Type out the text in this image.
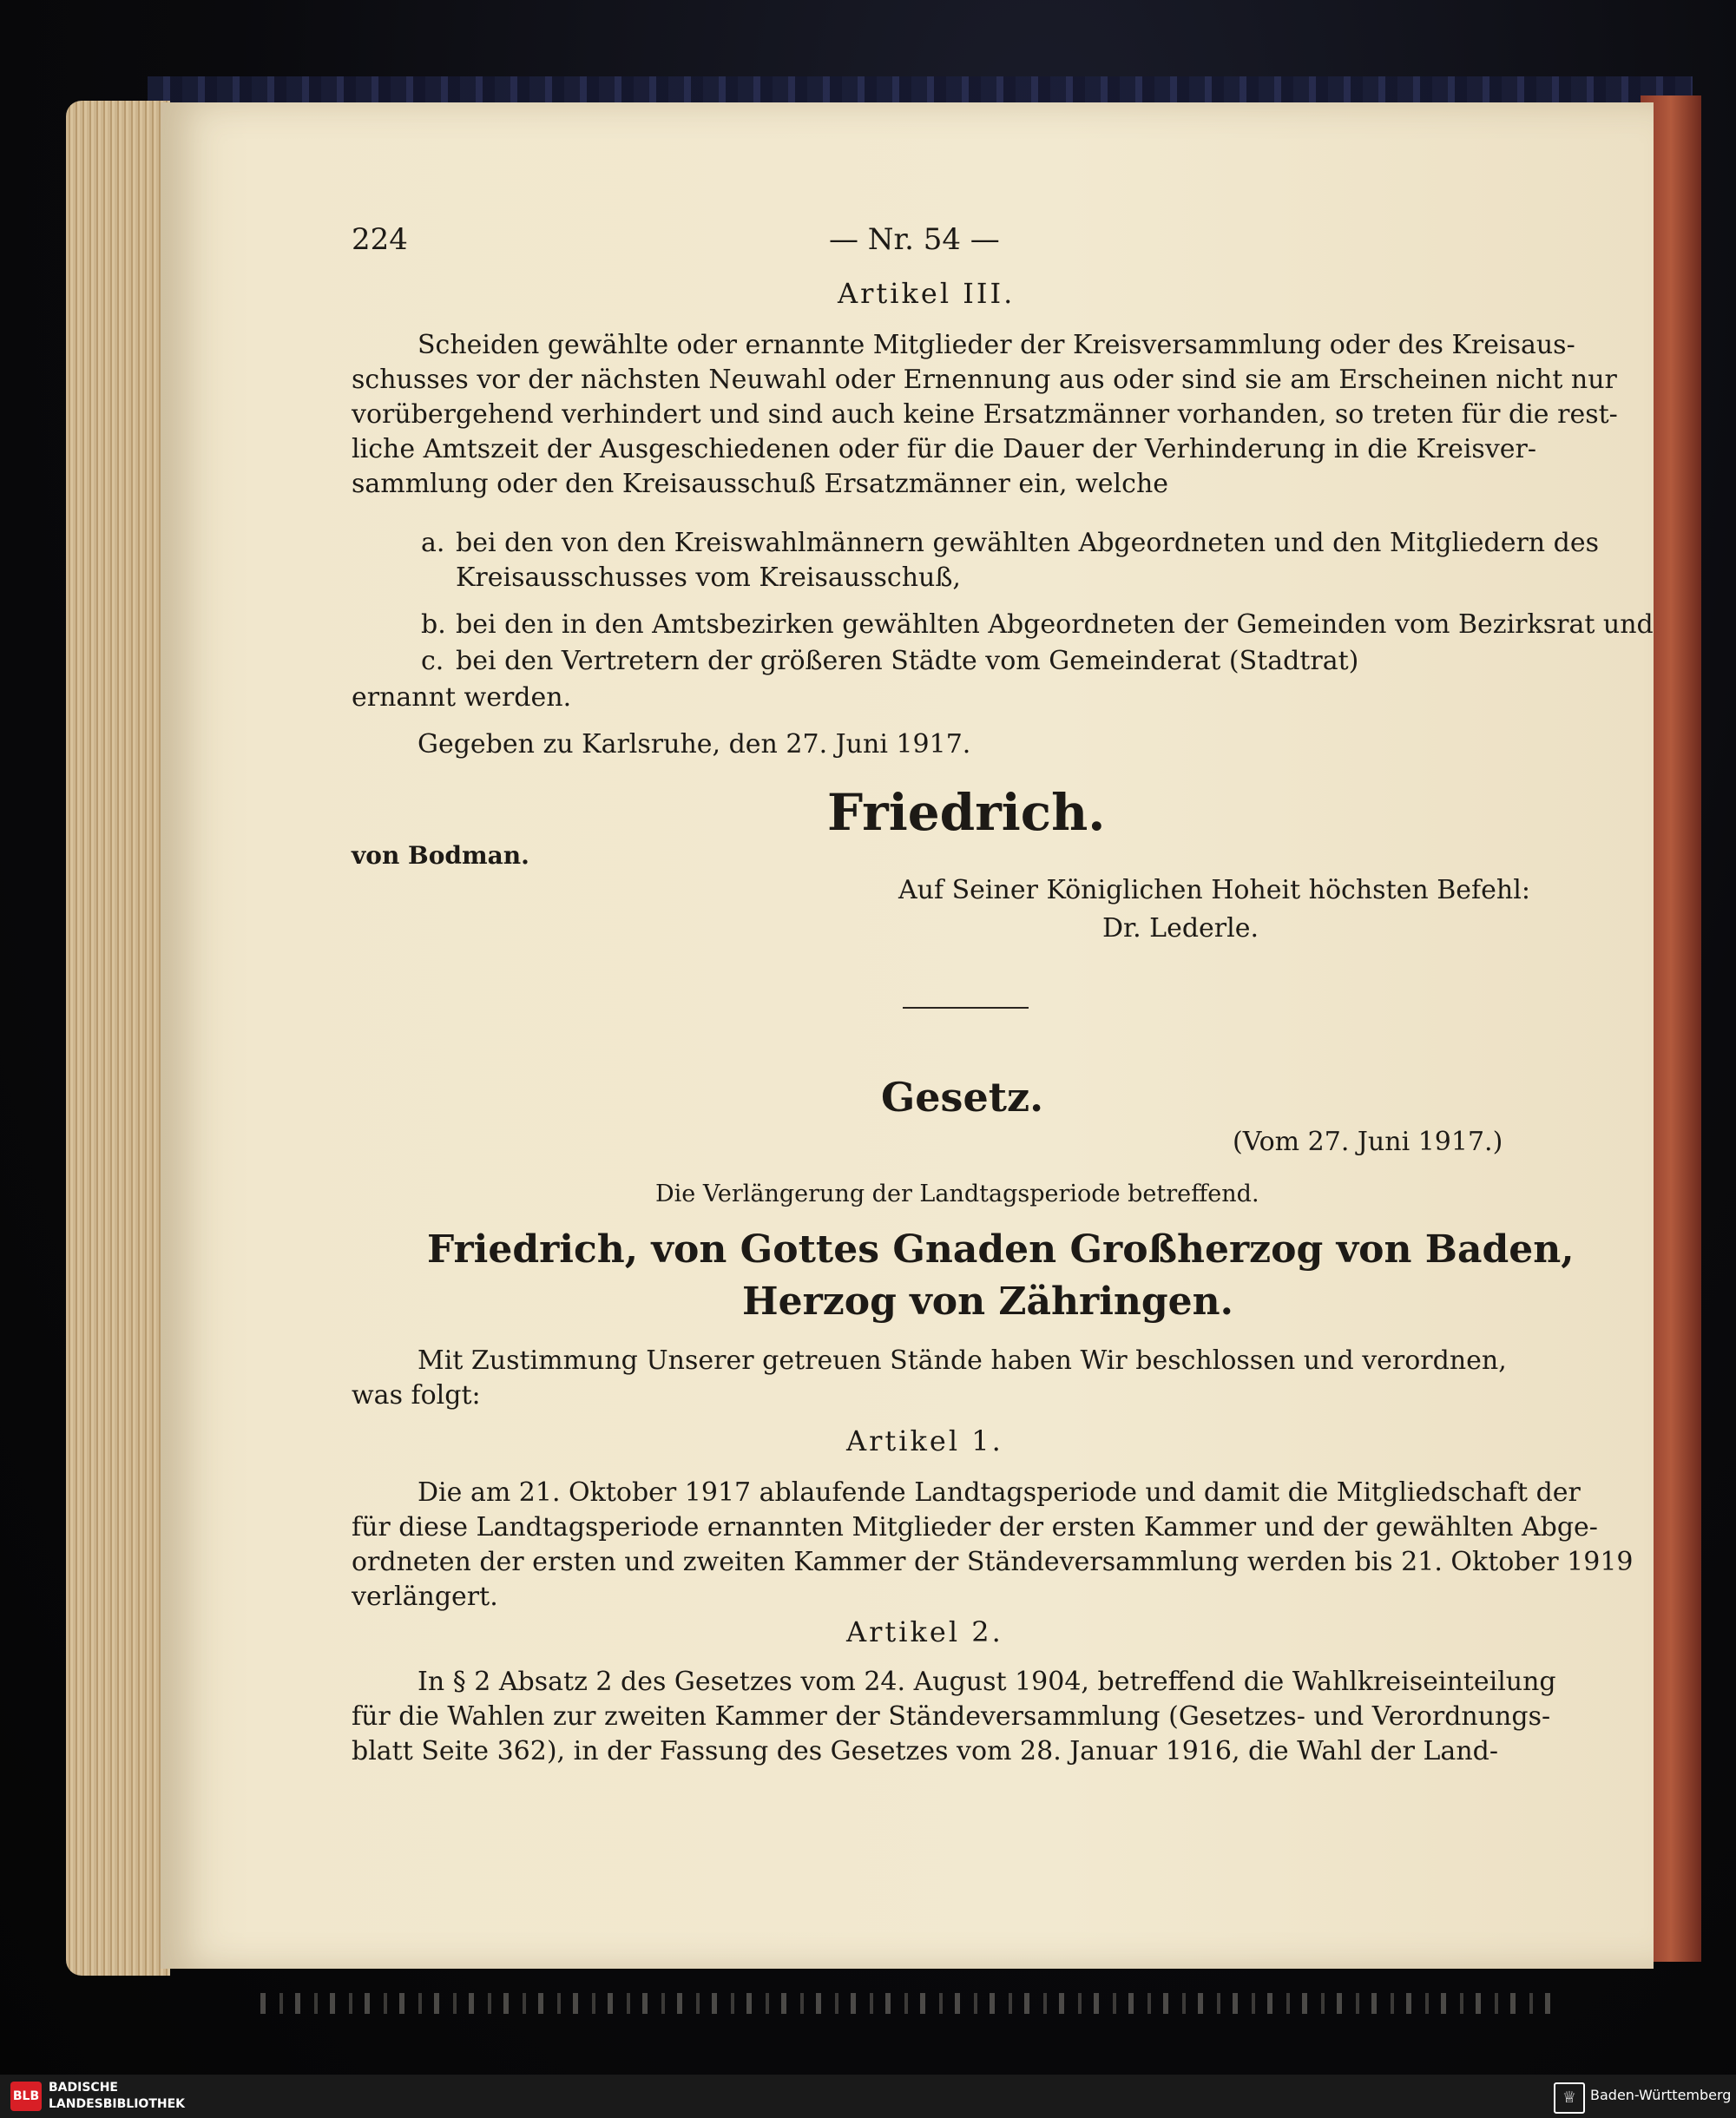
224	— Nr. 54 —
Artikel III.
Scheiden gewählte oder ernannte Mitglieder der Kreisversammlung oder des Kreisaus-
schusses vor der nächsten Neuwahl oder Ernennung aus oder sind sie am Erscheinen nicht nur
vorübergehend verhindert und sind auch keine Ersatzmänner vorhanden, so treten für die rest-
liche Amtszeit der Ausgeschiedenen oder für die Dauer der Verhinderung in die Kreisver-
sammlung oder den Kreisausschuß Ersatzmänner ein, welche
a. bei den von den Kreiswahlmännern gewählten Abgeordneten und den Mitgliedern des
Kreisausschusses vom Kreisausschuß,
b. bei den in den Amtsbezirken gewählten Abgeordneten der Gemeinden vom Bezirksrat und
c. bei den Vertretern der größeren Städte vom Gemeinderat (Stadtrat)
ernannt werden.
Gegeben zu Karlsruhe, den 27. Juni 1917.
Friedrich.
von Bodman.
Auf Seiner Königlichen Hoheit höchsten Befehl:
Dr. Lederle.
Gesetz.
(Vom 27. Juni 1917.)
Die Verlängerung der Landtagsperiode betreffend.
Friedrich, von Gottes Gnaden Großherzog von Baden,
Herzog von Zähringen.
Mit Zustimmung Unserer getreuen Stände haben Wir beschlossen und verordnen,
was folgt:
Artikel 1.
Die am 21. Oktober 1917 ablaufende Landtagsperiode und damit die Mitgliedschaft der
für diese Landtagsperiode ernannten Mitglieder der ersten Kammer und der gewählten Abge-
ordneten der ersten und zweiten Kammer der Ständeversammlung werden bis 21. Oktober 1919
verlängert.
Artikel 2.
In § 2 Absatz 2 des Gesetzes vom 24. August 1904, betreffend die Wahlkreiseinteilung
für die Wahlen zur zweiten Kammer der Ständeversammlung (Gesetzes- und Verordnungs-
blatt Seite 362), in der Fassung des Gesetzes vom 28. Januar 1916, die Wahl der Land-
BLB
BADISCHE
LANDESBIBLIOTHEK	♕ Baden-Württemberg
